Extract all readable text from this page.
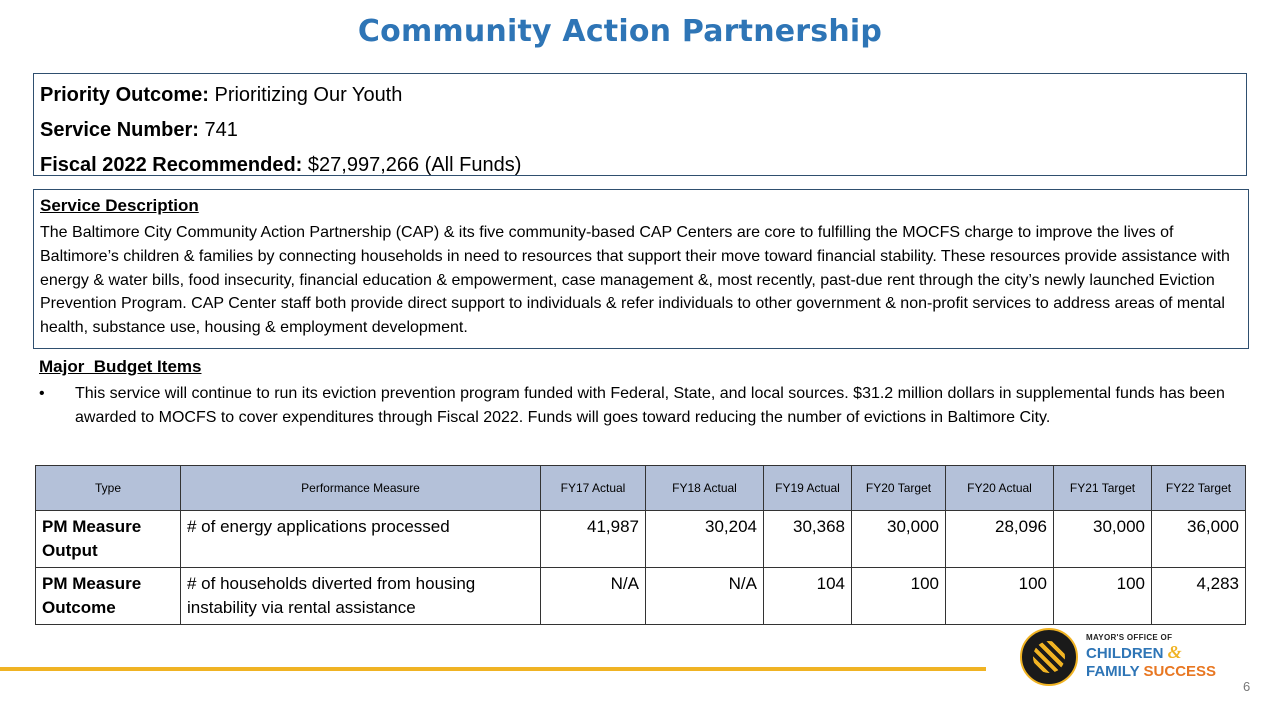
Community Action Partnership
Priority Outcome: Prioritizing Our Youth
Service Number: 741
Fiscal 2022 Recommended: $27,997,266 (All Funds)
Service Description
The Baltimore City Community Action Partnership (CAP) & its five community-based CAP Centers are core to fulfilling the MOCFS charge to improve the lives of Baltimore’s children & families by connecting households in need to resources that support their move toward financial stability. These resources provide assistance with energy & water bills, food insecurity, financial education & empowerment, case management &, most recently, past-due rent through the city’s newly launched Eviction Prevention Program. CAP Center staff both provide direct support to individuals & refer individuals to other government & non-profit services to address areas of mental health, substance use, housing & employment development.
Major  Budget Items
•	This service will continue to run its eviction prevention program funded with Federal, State, and local sources. $31.2 million dollars in supplemental funds has been awarded to MOCFS to cover expenditures through Fiscal 2022. Funds will goes toward reducing the number of evictions in Baltimore City.
Type	Performance Measure	FY17 Actual	FY18 Actual	FY19 Actual	FY20 Target	FY20 Actual	FY21 Target	FY22 Target
PM Measure Output	# of energy applications processed	41,987	30,204	30,368	30,000	28,096	30,000	36,000
PM Measure Outcome	# of households diverted from housing instability via rental assistance	N/A	N/A	104	100	100	100	4,283
MAYOR'S OFFICE OF
CHILDREN &
FAMILY SUCCESS
6
